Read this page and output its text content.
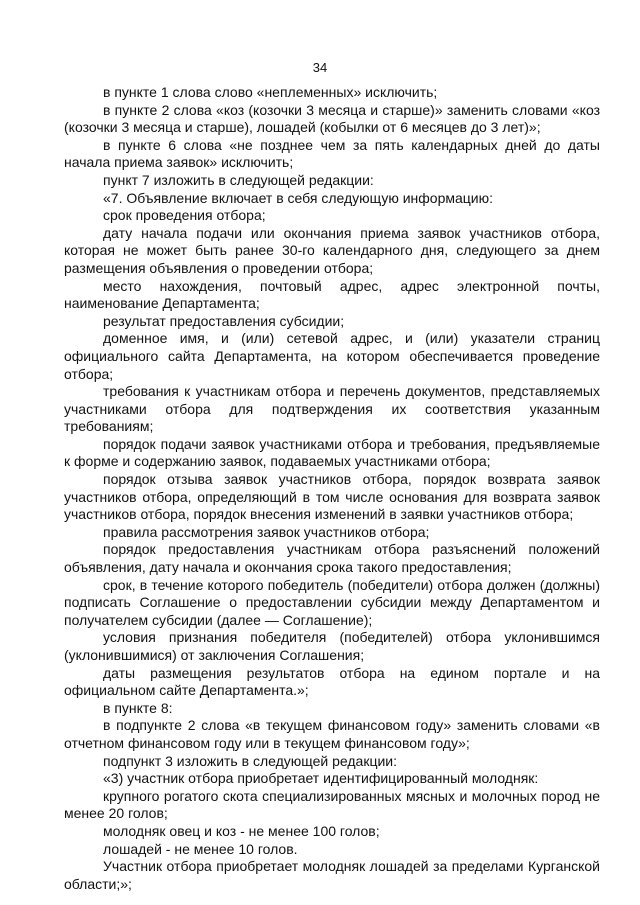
34

в пункте 1 слова слово «неплеменных» исключить;

в пункте 2 слова «коз (козочки 3 месяца и старше)» заменить словами «коз (козочки 3 месяца и старше), лошадей (кобылки от 6 месяцев до 3 лет)»;

в пункте 6 слова «не позднее чем за пять календарных дней до даты начала приема заявок» исключить;

пункт 7 изложить в следующей редакции:

«7. Объявление включает в себя следующую информацию:

срок проведения отбора;

дату начала подачи или окончания приема заявок участников отбора, которая не может быть ранее 30-го календарного дня, следующего за днем размещения объявления о проведении отбора;

место нахождения, почтовый адрес, адрес электронной почты, наименование Департамента;

результат предоставления субсидии;

доменное имя, и (или) сетевой адрес, и (или) указатели страниц официального сайта Департамента, на котором обеспечивается проведение отбора;

требования к участникам отбора и перечень документов, представляемых участниками отбора для подтверждения их соответствия указанным требованиям;

порядок подачи заявок участниками отбора и требования, предъявляемые к форме и содержанию заявок, подаваемых участниками отбора;

порядок отзыва заявок участников отбора, порядок возврата заявок участников отбора, определяющий в том числе основания для возврата заявок участников отбора, порядок внесения изменений в заявки участников отбора;

правила рассмотрения заявок участников отбора;

порядок предоставления участникам отбора разъяснений положений объявления, дату начала и окончания срока такого предоставления;

срок, в течение которого победитель (победители) отбора должен (должны) подписать Соглашение о предоставлении субсидии между Департаментом и получателем субсидии (далее — Соглашение);

условия признания победителя (победителей) отбора уклонившимся (уклонившимися) от заключения Соглашения;

даты размещения результатов отбора на едином портале и на официальном сайте Департамента.»;

в пункте 8:

в подпункте 2 слова «в текущем финансовом году» заменить словами «в отчетном финансовом году или в текущем финансовом году»;

подпункт 3 изложить в следующей редакции:

«3) участник отбора приобретает идентифицированный молодняк:

крупного рогатого скота специализированных мясных и молочных пород не менее 20 голов;

молодняк овец и коз - не менее 100 голов;

лошадей - не менее 10 голов.

Участник отбора приобретает молодняк лошадей за пределами Курганской области;»;
